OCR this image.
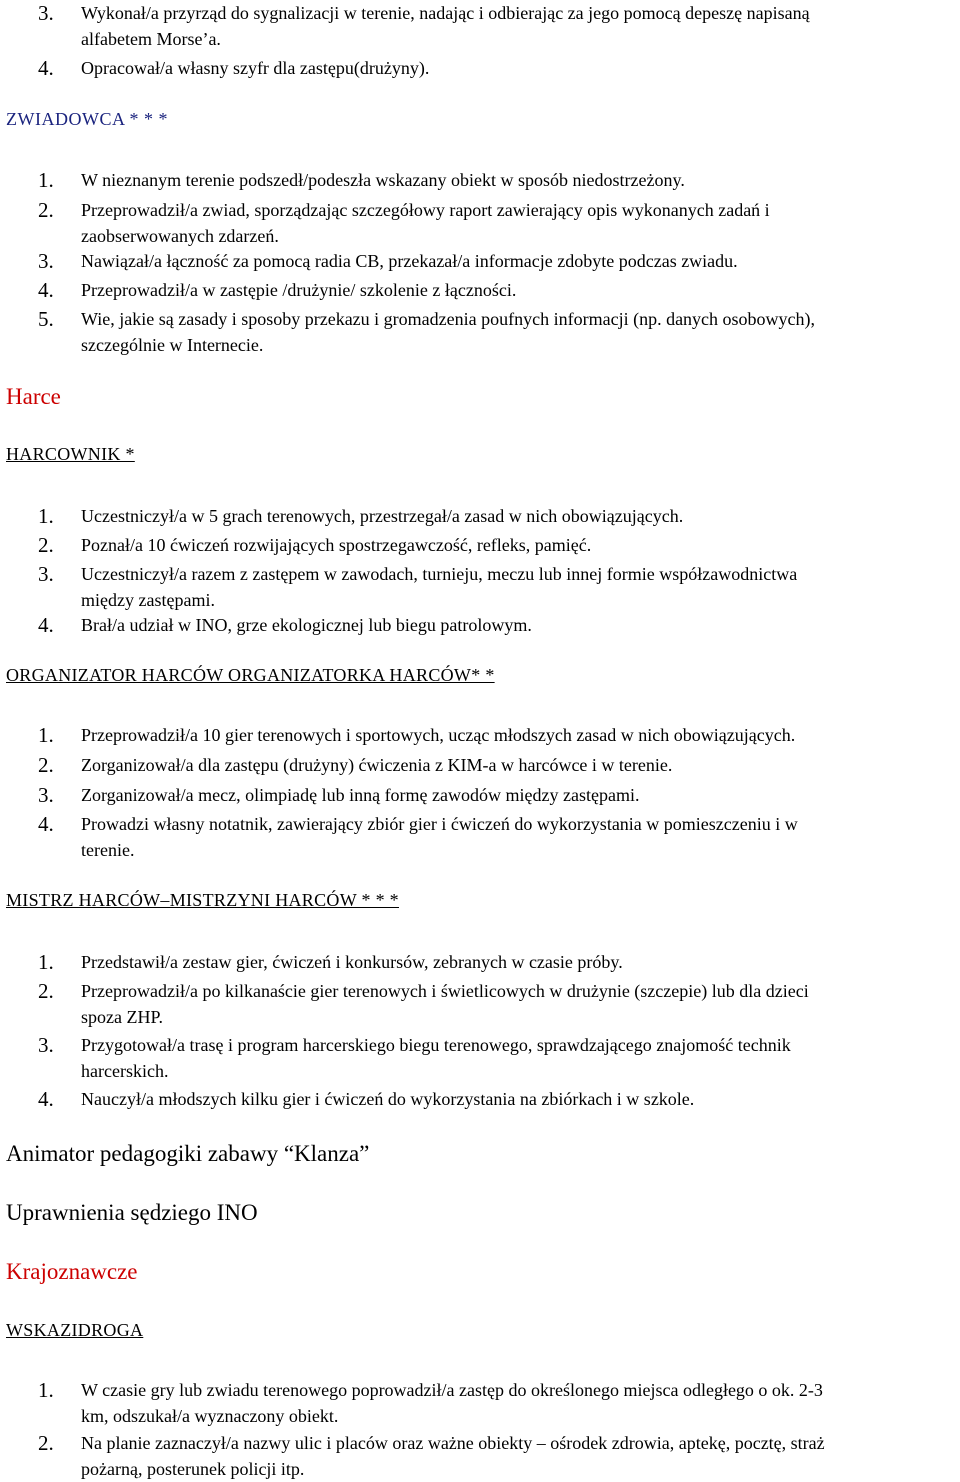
3. Wykonał/a przyrząd do sygnalizacji w terenie, nadając i odbierając za jego pomocą depeszę napisaną
alfabetem Morse’a.
4. Opracował/a własny szyfr dla zastępu(drużyny).
ZWIADOWCA * * *
1. W nieznanym terenie podszedł/podeszła wskazany obiekt w sposób niedostrzeżony.
2. Przeprowadził/a zwiad, sporządzając szczegółowy raport zawierający opis wykonanych zadań i
zaobserwowanych zdarzeń.
3. Nawiązał/a łączność za pomocą radia CB, przekazał/a informacje zdobyte podczas zwiadu.
4. Przeprowadził/a w zastępie /drużynie/ szkolenie z łączności.
5. Wie, jakie są zasady i sposoby przekazu i gromadzenia poufnych informacji (np. danych osobowych),
szczególnie w Internecie.
Harce
HARCOWNIK *
1. Uczestniczył/a w 5 grach terenowych, przestrzegał/a zasad w nich obowiązujących.
2. Poznał/a 10 ćwiczeń rozwijających spostrzegawczość, refleks, pamięć.
3. Uczestniczył/a razem z zastępem w zawodach, turnieju, meczu lub innej formie współzawodnictwa
między zastępami.
4. Brał/a udział w INO, grze ekologicznej lub biegu patrolowym.
ORGANIZATOR HARCÓW ORGANIZATORKA HARCÓW* *
1. Przeprowadził/a 10 gier terenowych i sportowych, ucząc młodszych zasad w nich obowiązujących.
2. Zorganizował/a dla zastępu (drużyny) ćwiczenia z KIM-a w harcówce i w terenie.
3. Zorganizował/a mecz, olimpiadę lub inną formę zawodów między zastępami.
4. Prowadzi własny notatnik, zawierający zbiór gier i ćwiczeń do wykorzystania w pomieszczeniu i w
terenie.
MISTRZ HARCÓW–MISTRZYNI HARCÓW * * *
1. Przedstawił/a zestaw gier, ćwiczeń i konkursów, zebranych w czasie próby.
2. Przeprowadził/a po kilkanaście gier terenowych i świetlicowych w drużynie (szczepie) lub dla dzieci
spoza ZHP.
3. Przygotował/a trasę i program harcerskiego biegu terenowego, sprawdzającego znajomość technik
harcerskich.
4. Nauczył/a młodszych kilku gier i ćwiczeń do wykorzystania na zbiórkach i w szkole.
Animator pedagogiki zabawy “Klanza”
Uprawnienia sędziego INO
Krajoznawcze
WSKAZIDROGA
1. W czasie gry lub zwiadu terenowego poprowadził/a zastęp do określonego miejsca odległego o ok. 2-3
km, odszukał/a wyznaczony obiekt.
2. Na planie zaznaczył/a nazwy ulic i placów oraz ważne obiekty – ośrodek zdrowia, aptekę, pocztę, straż
pożarną, posterunek policji itp.
